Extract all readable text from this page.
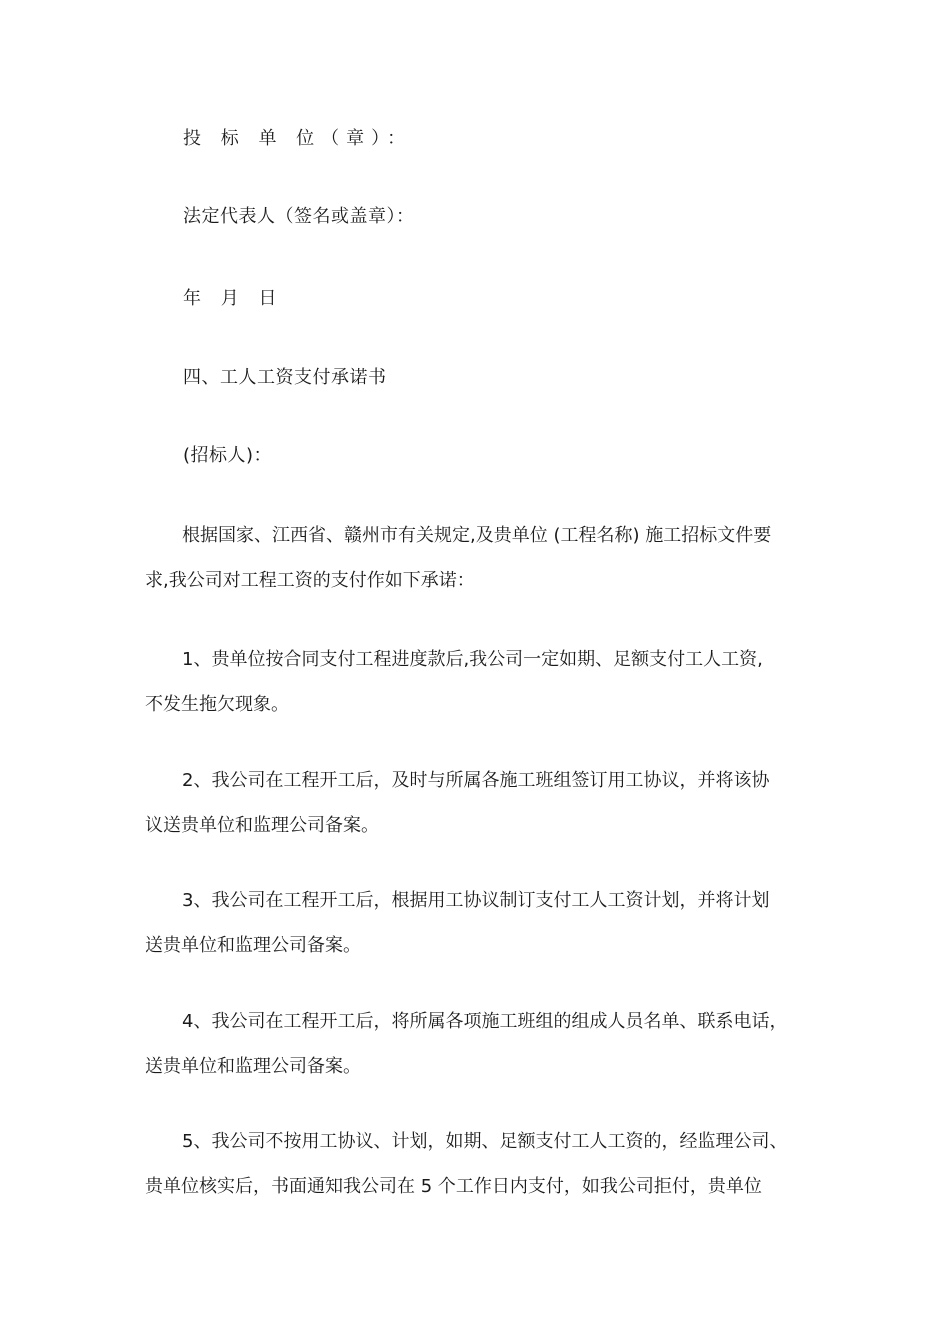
投 标 单 位（章）：
法定代表人（签名或盖章）：
年 月 日
四、工人工资支付承诺书
(招标人)：
根据国家、江西省、赣州市有关规定,及贵单位 (工程名称) 施工招标文件要
求,我公司对工程工资的支付作如下承诺：
1、贵单位按合同支付工程进度款后,我公司一定如期、足额支付工人工资,
不发生拖欠现象。
2、我公司在工程开工后，及时与所属各施工班组签订用工协议，并将该协
议送贵单位和监理公司备案。
3、我公司在工程开工后，根据用工协议制订支付工人工资计划，并将计划
送贵单位和监理公司备案。
4、我公司在工程开工后，将所属各项施工班组的组成人员名单、联系电话，
送贵单位和监理公司备案。
5、我公司不按用工协议、计划，如期、足额支付工人工资的，经监理公司、
贵单位核实后，书面通知我公司在 5 个工作日内支付，如我公司拒付，贵单位
